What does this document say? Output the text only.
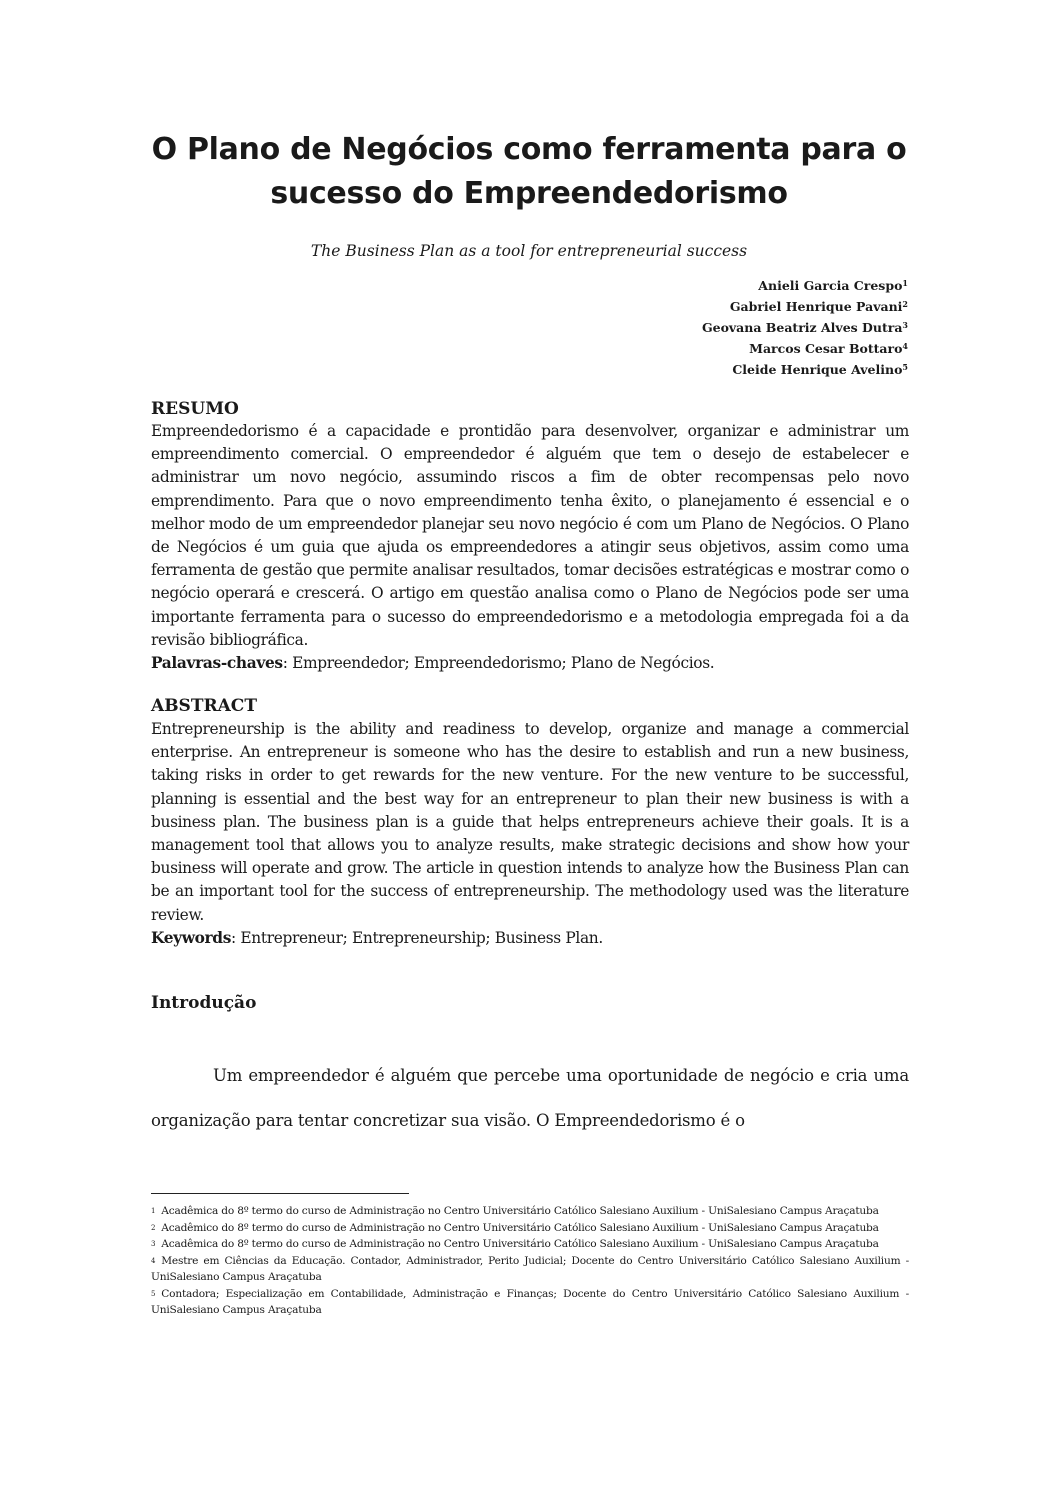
O Plano de Negócios como ferramenta para o sucesso do Empreendedorismo
The Business Plan as a tool for entrepreneurial success
Anieli Garcia Crespo$^1$
Gabriel Henrique Pavani$^2$
Geovana Beatriz Alves Dutra$^3$
Marcos Cesar Bottaro$^4$
Cleide Henrique Avelino$^5$
RESUMO

Empreendedorismo é a capacidade e prontidão para desenvolver, organizar e administrar um empreendimento comercial. O empreendedor é alguém que tem o desejo de estabelecer e administrar um novo negócio, assumindo riscos a fim de obter recompensas pelo novo emprendimento. Para que o novo empreendimento tenha êxito, o planejamento é essencial e o melhor modo de um empreendedor planejar seu novo negócio é com um Plano de Negócios. O Plano de Negócios é um guia que ajuda os empreendedores a atingir seus objetivos, assim como uma ferramenta de gestão que permite analisar resultados, tomar decisões estratégicas e mostrar como o negócio operará e crescerá. O artigo em questão analisa como o Plano de Negócios pode ser uma importante ferramenta para o sucesso do empreendedorismo e a metodologia empregada foi a da revisão bibliográfica.
Palavras-chaves: Empreendedor; Empreendedorismo; Plano de Negócios.

ABSTRACT

Entrepreneurship is the ability and readiness to develop, organize and manage a commercial enterprise. An entrepreneur is someone who has the desire to establish and run a new business, taking risks in order to get rewards for the new venture. For the new venture to be successful, planning is essential and the best way for an entrepreneur to plan their new business is with a business plan. The business plan is a guide that helps entrepreneurs achieve their goals. It is a management tool that allows you to analyze results, make strategic decisions and show how your business will operate and grow. The article in question intends to analyze how the Business Plan can be an important tool for the success of entrepreneurship. The methodology used was the literature review.
Keywords: Entrepreneur; Entrepreneurship; Business Plan.

Introdução

Um empreendedor é alguém que percebe uma oportunidade de negócio e cria uma organização para tentar concretizar sua visão. O Empreendedorismo é o

$^1$ Acadêmica do 8º termo do curso de Administração no Centro Universitário Católico Salesiano Auxilium - UniSalesiano Campus Araçatuba

$^2$ Acadêmico do 8º termo do curso de Administração no Centro Universitário Católico Salesiano Auxilium - UniSalesiano Campus Araçatuba

$^3$ Acadêmica do 8º termo do curso de Administração no Centro Universitário Católico Salesiano Auxilium - UniSalesiano Campus Araçatuba

$^4$ Mestre em Ciências da Educação. Contador, Administrador, Perito Judicial; Docente do Centro Universitário Católico Salesiano Auxilium - UniSalesiano Campus Araçatuba

$^5$ Contadora; Especialização em Contabilidade, Administração e Finanças; Docente do Centro Universitário Católico Salesiano Auxilium - UniSalesiano Campus Araçatuba
